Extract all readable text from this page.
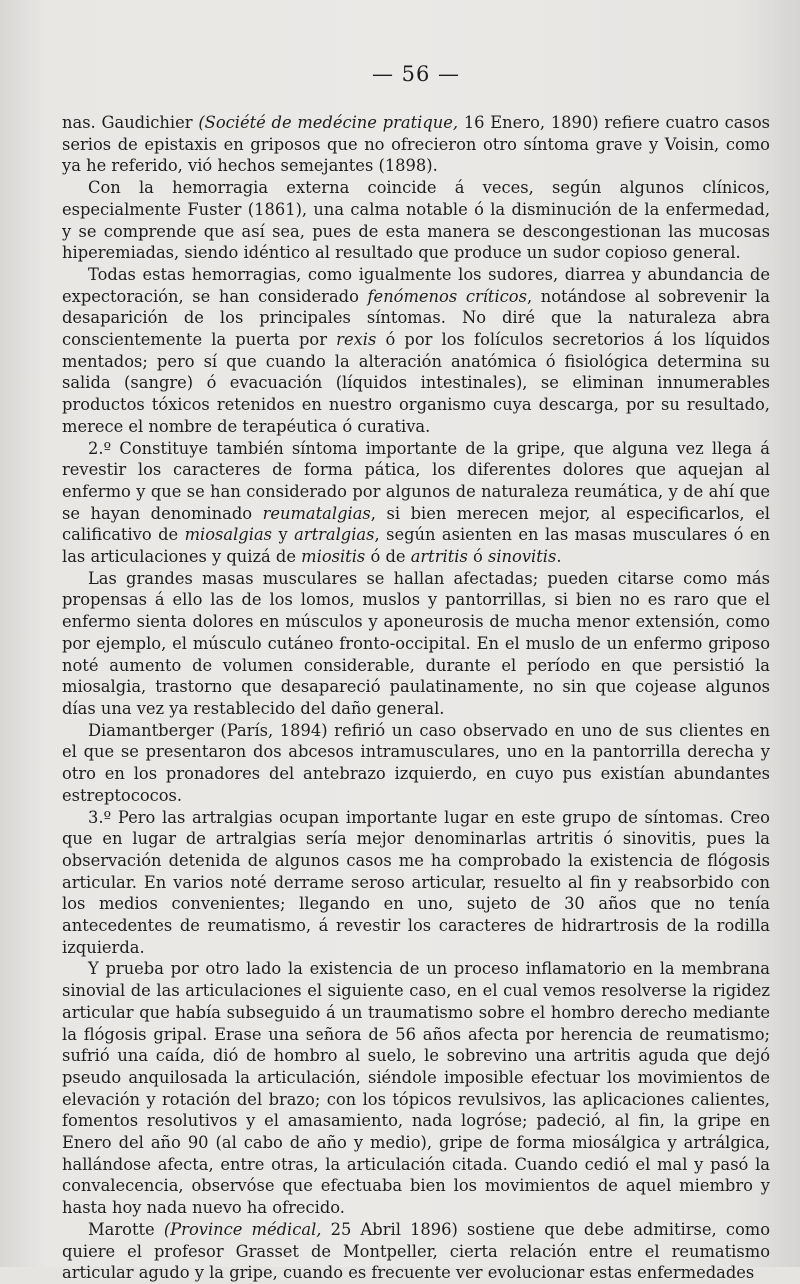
— 56 —

nas. Gaudichier (Société de medécine pratique, 16 Enero, 1890) refiere cuatro casos serios de epistaxis en griposos que no ofrecieron otro síntoma grave y Voisin, como ya he referido, vió hechos semejantes (1898).

Con la hemorragia externa coincide á veces, según algunos clínicos, especialmente Fuster (1861), una calma notable ó la disminución de la enfermedad, y se comprende que así sea, pues de esta manera se descongestionan las mucosas hiperemiadas, siendo idéntico al resultado que produce un sudor copioso general.

Todas estas hemorragias, como igualmente los sudores, diarrea y abundancia de expectoración, se han considerado fenómenos críticos, notándose al sobrevenir la desaparición de los principales síntomas. No diré que la naturaleza abra conscientemente la puerta por rexis ó por los folículos secretorios á los líquidos mentados; pero sí que cuando la alteración anatómica ó fisiológica determina su salida (sangre) ó evacuación (líquidos intestinales), se eliminan innumerables productos tóxicos retenidos en nuestro organismo cuya descarga, por su resultado, merece el nombre de terapéutica ó curativa.

2.º Constituye también síntoma importante de la gripe, que alguna vez llega á revestir los caracteres de forma pática, los diferentes dolores que aquejan al enfermo y que se han considerado por algunos de naturaleza reumática, y de ahí que se hayan denominado reumatalgias, si bien merecen mejor, al especificarlos, el calificativo de miosalgias y artralgias, según asienten en las masas musculares ó en las articulaciones y quizá de miositis ó de artritis ó sinovitis.

Las grandes masas musculares se hallan afectadas; pueden citarse como más propensas á ello las de los lomos, muslos y pantorrillas, si bien no es raro que el enfermo sienta dolores en músculos y aponeurosis de mucha menor extensión, como por ejemplo, el músculo cutáneo fronto-occipital. En el muslo de un enfermo griposo noté aumento de volumen considerable, durante el período en que persistió la miosalgia, trastorno que desapareció paulatinamente, no sin que cojease algunos días una vez ya restablecido del daño general.

Diamantberger (París, 1894) refirió un caso observado en uno de sus clientes en el que se presentaron dos abcesos intramusculares, uno en la pantorrilla derecha y otro en los pronadores del antebrazo izquierdo, en cuyo pus existían abundantes estreptococos.

3.º Pero las artralgias ocupan importante lugar en este grupo de síntomas. Creo que en lugar de artralgias sería mejor denominarlas artritis ó sinovitis, pues la observación detenida de algunos casos me ha comprobado la existencia de flógosis articular. En varios noté derrame seroso articular, resuelto al fin y reabsorbido con los medios convenientes; llegando en uno, sujeto de 30 años que no tenía antecedentes de reumatismo, á revestir los caracteres de hidrartrosis de la rodilla izquierda.

Y prueba por otro lado la existencia de un proceso inflamatorio en la membrana sinovial de las articulaciones el siguiente caso, en el cual vemos resolverse la rigidez articular que había subseguido á un traumatismo sobre el hombro derecho mediante la flógosis gripal. Erase una señora de 56 años afecta por herencia de reumatismo; sufrió una caída, dió de hombro al suelo, le sobrevino una artritis aguda que dejó pseudo anquilosada la articulación, siéndole imposible efectuar los movimientos de elevación y rotación del brazo; con los tópicos revulsivos, las aplicaciones calientes, fomentos resolutivos y el amasamiento, nada logróse; padeció, al fin, la gripe en Enero del año 90 (al cabo de año y medio), gripe de forma miosálgica y artrálgica, hallándose afecta, entre otras, la articulación citada. Cuando cedió el mal y pasó la convalecencia, observóse que efectuaba bien los movimientos de aquel miembro y hasta hoy nada nuevo ha ofrecido.

Marotte (Province médical, 25 Abril 1896) sostiene que debe admitirse, como quiere el profesor Grasset de Montpeller, cierta relación entre el reumatismo articular agudo y la gripe, cuando es frecuente ver evolucionar estas enfermedades
